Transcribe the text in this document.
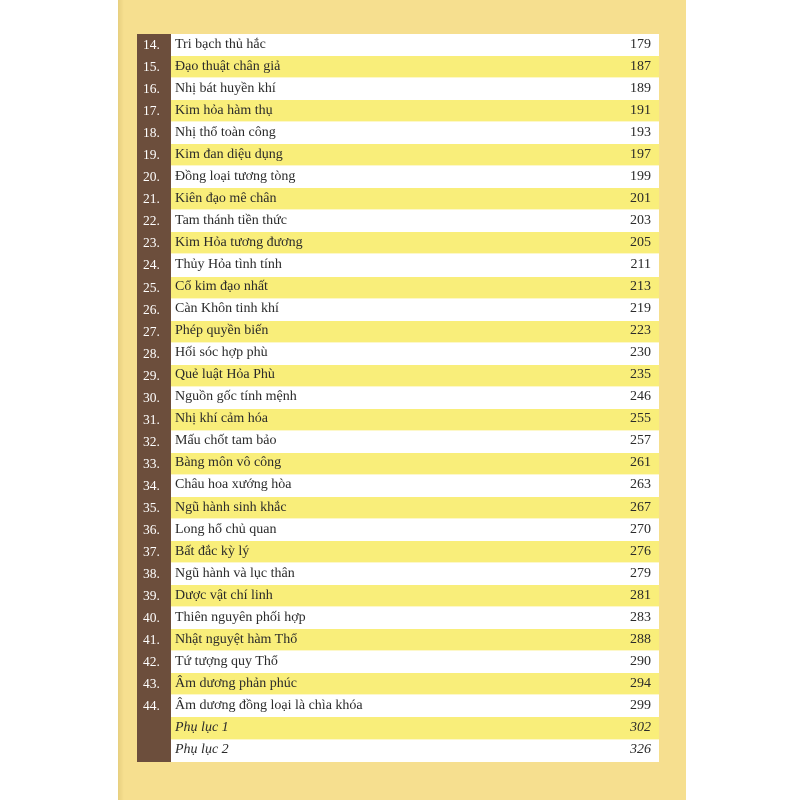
14.	Tri bạch thủ hắc	179
15.	Đạo thuật chân giả	187
16.	Nhị bát huyền khí	189
17.	Kim hỏa hàm thụ	191
18.	Nhị thổ toàn công	193
19.	Kim đan diệu dụng	197
20.	Đồng loại tương tòng	199
21.	Kiên đạo mê chân	201
22.	Tam thánh tiền thức	203
23.	Kim Hỏa tương đương	205
24.	Thủy Hỏa tình tính	211
25.	Cổ kim đạo nhất	213
26.	Càn Khôn tinh khí	219
27.	Phép quyền biến	223
28.	Hối sóc hợp phù	230
29.	Quẻ luật Hỏa Phù	235
30.	Nguồn gốc tính mệnh	246
31.	Nhị khí cảm hóa	255
32.	Mấu chốt tam bảo	257
33.	Bàng môn vô công	261
34.	Châu hoa xướng hòa	263
35.	Ngũ hành sinh khắc	267
36.	Long hổ chủ quan	270
37.	Bất đắc kỳ lý	276
38.	Ngũ hành và lục thân	279
39.	Dược vật chí linh	281
40.	Thiên nguyên phối hợp	283
41.	Nhật nguyệt hàm Thổ	288
42.	Tứ tượng quy Thổ	290
43.	Âm dương phản phúc	294
44.	Âm dương đồng loại là chìa khóa	299
Phụ lục 1	302
Phụ lục 2	326
